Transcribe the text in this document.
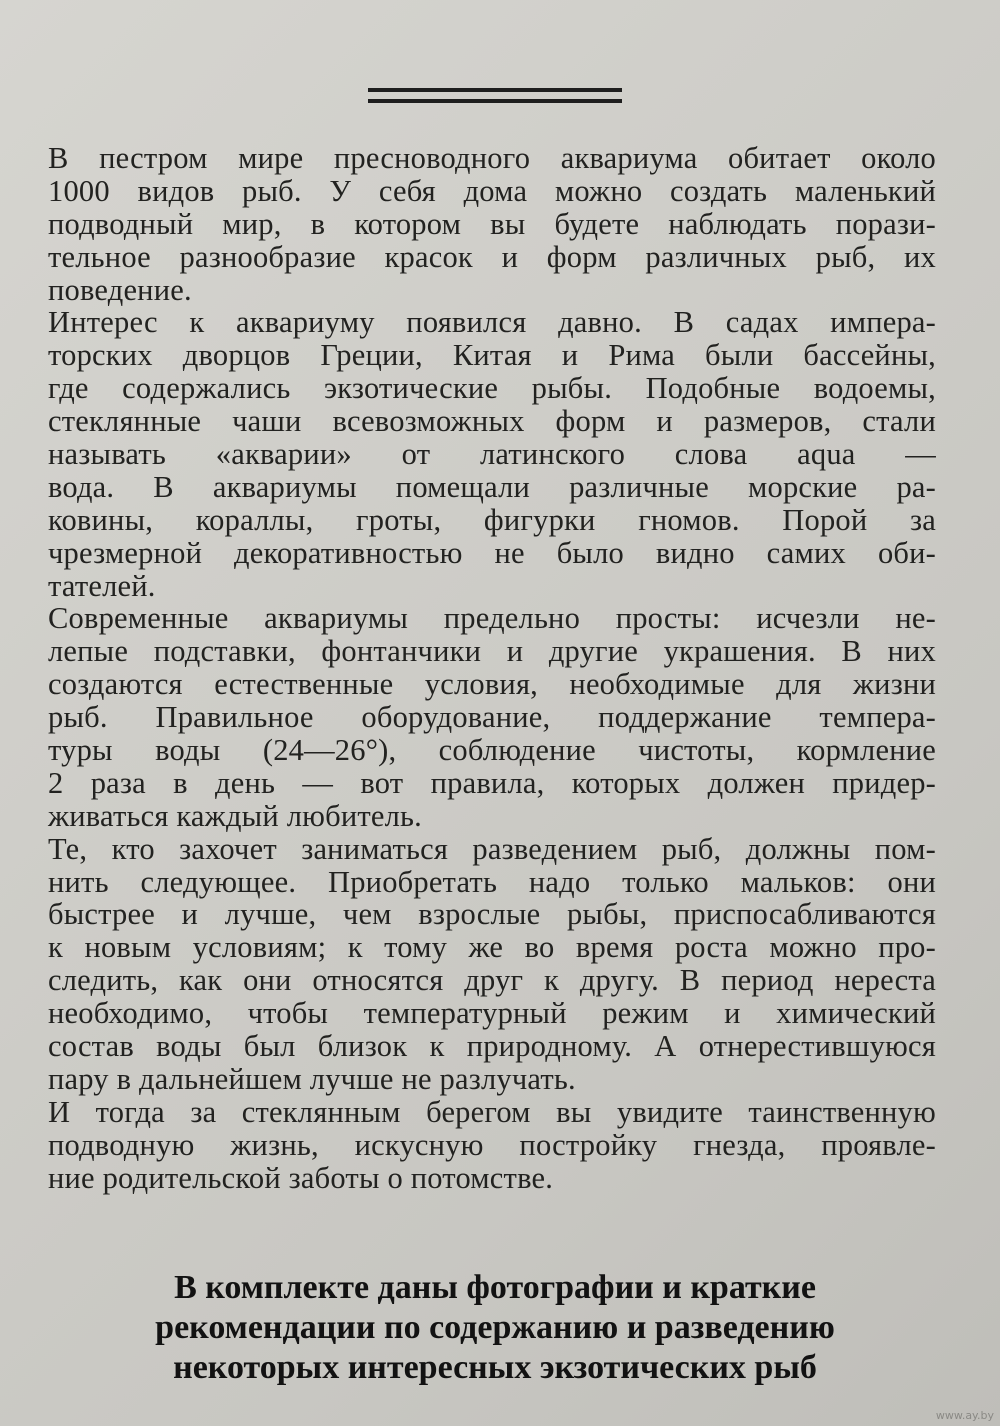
В пестром мире пресноводного аквариума обитает около
1000 видов рыб. У себя дома можно создать маленький
подводный мир, в котором вы будете наблюдать порази-
тельное разнообразие красок и форм различных рыб, их
поведение.
Интерес к аквариуму появился давно. В садах импера-
торских дворцов Греции, Китая и Рима были бассейны,
где содержались экзотические рыбы. Подобные водоемы,
стеклянные чаши всевозможных форм и размеров, стали
называть «акварии» от латинского слова aqua —
вода. В аквариумы помещали различные морские ра-
ковины, кораллы, гроты, фигурки гномов. Порой за
чрезмерной декоративностью не было видно самих оби-
тателей.
Современные аквариумы предельно просты: исчезли не-
лепые подставки, фонтанчики и другие украшения. В них
создаются естественные условия, необходимые для жизни
рыб. Правильное оборудование, поддержание темпера-
туры воды (24—26°), соблюдение чистоты, кормление
2 раза в день — вот правила, которых должен придер-
живаться каждый любитель.
Те, кто захочет заниматься разведением рыб, должны пом-
нить следующее. Приобретать надо только мальков: они
быстрее и лучше, чем взрослые рыбы, приспосабливаются
к новым условиям; к тому же во время роста можно про-
следить, как они относятся друг к другу. В период нереста
необходимо, чтобы температурный режим и химический
состав воды был близок к природному. А отнерестившуюся
пару в дальнейшем лучше не разлучать.
И тогда за стеклянным берегом вы увидите таинственную
подводную жизнь, искусную постройку гнезда, проявле-
ние родительской заботы о потомстве.
В комплекте даны фотографии и краткие
рекомендации по содержанию и разведению
некоторых интересных экзотических рыб
www.ay.by
